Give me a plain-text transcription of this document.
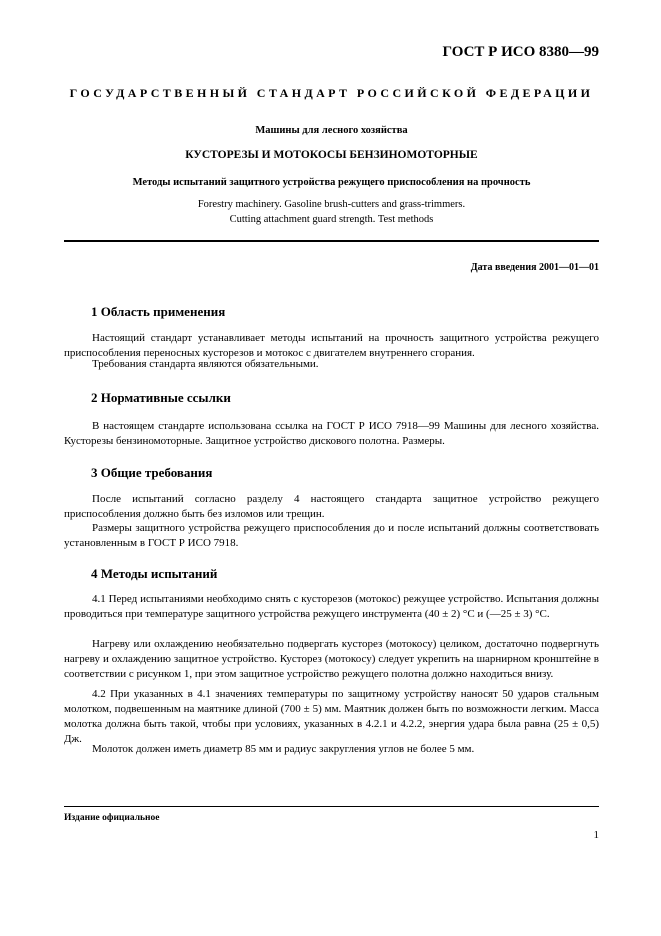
ГОСТ Р ИСО 8380—99
ГОСУДАРСТВЕННЫЙ СТАНДАРТ РОССИЙСКОЙ ФЕДЕРАЦИИ
Машины для лесного хозяйства
КУСТОРЕЗЫ И МОТОКОСЫ БЕНЗИНОМОТОРНЫЕ
Методы испытаний защитного устройства режущего приспособления на прочность
Forestry machinery. Gasoline brush-cutters and grass-trimmers.
Cutting attachment guard strength. Test methods
Дата введения 2001—01—01
1 Область применения

Настоящий стандарт устанавливает методы испытаний на прочность защитного устройства режущего приспособления переносных кусторезов и мотокос с двигателем внутреннего сгорания.

Требования стандарта являются обязательными.

2 Нормативные ссылки

В настоящем стандарте использована ссылка на ГОСТ Р ИСО 7918—99 Машины для лесного хозяйства. Кусторезы бензиномоторные. Защитное устройство дискового полотна. Размеры.

3 Общие требования

После испытаний согласно разделу 4 настоящего стандарта защитное устройство режущего приспособления должно быть без изломов или трещин.

Размеры защитного устройства режущего приспособления до и после испытаний должны соответствовать установленным в ГОСТ Р ИСО 7918.

4 Методы испытаний

4.1 Перед испытаниями необходимо снять с кусторезов (мотокос) режущее устройство. Испытания должны проводиться при температуре защитного устройства режущего инструмента (40 ± 2) °С и (—25 ± 3) °С.

Нагреву или охлаждению необязательно подвергать кусторез (мотокосу) целиком, достаточно подвергнуть нагреву и охлаждению защитное устройство. Кусторез (мотокосу) следует укрепить на шарнирном кронштейне в соответствии с рисунком 1, при этом защитное устройство режущего полотна должно находиться внизу.

4.2 При указанных в 4.1 значениях температуры по защитному устройству наносят 50 ударов стальным молотком, подвешенным на маятнике длиной (700 ± 5) мм. Маятник должен быть по возможности легким. Масса молотка должна быть такой, чтобы при условиях, указанных в 4.2.1 и 4.2.2, энергия удара была равна (25 ± 0,5) Дж.

Молоток должен иметь диаметр 85 мм и радиус закругления углов не более 5 мм.

Издание официальное
1
